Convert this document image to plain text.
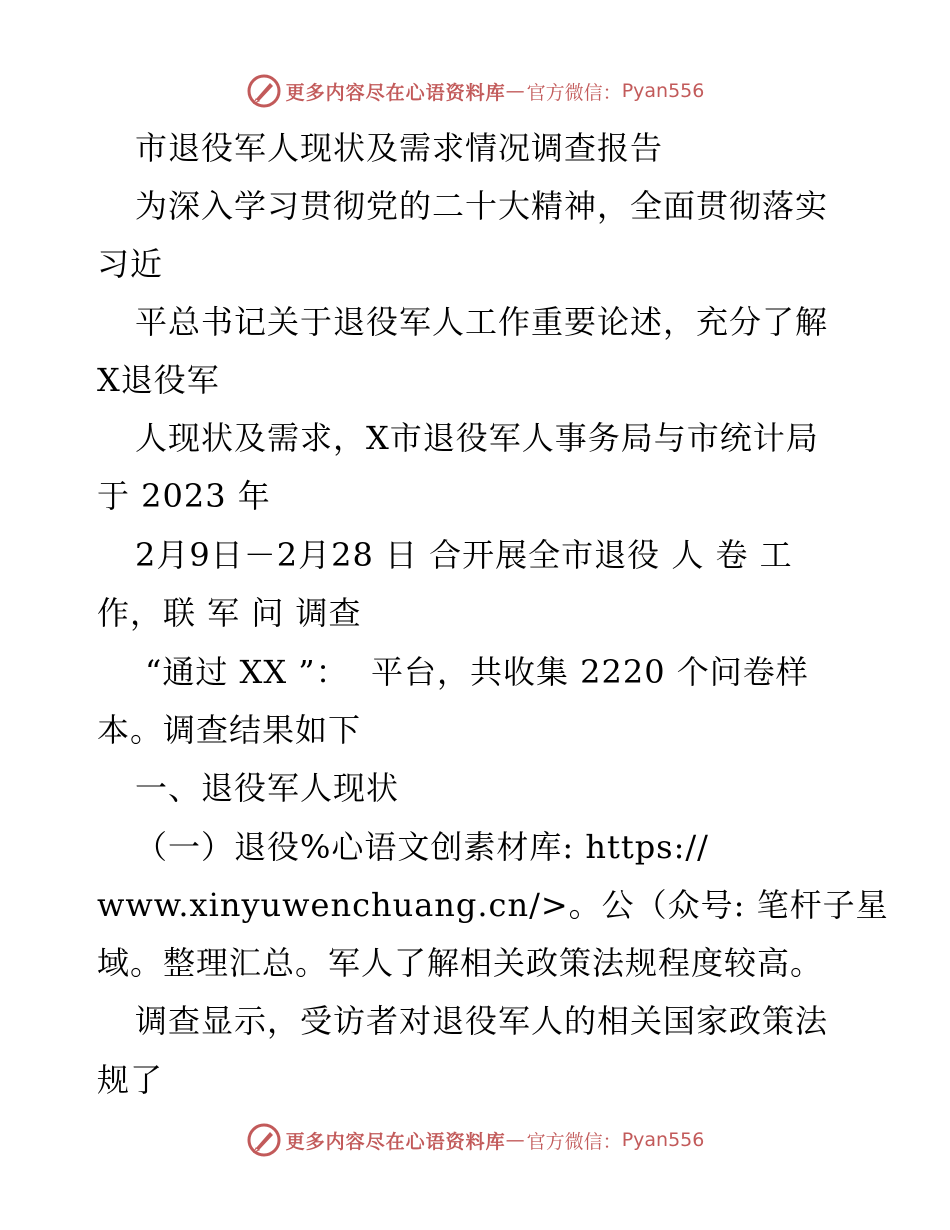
更多内容尽在心语资料库 — 官方微信： Pyan556
市退役军人现状及需求情况调查报告
为深入学习贯彻党的二十大精神，全面贯彻落实
习近
平总书记关于退役军人工作重要论述，充分了解
X退役军
人现状及需求，X市退役军人事务局与市统计局
于 2023 年
2月9日－2月28 日 合开展全市退役 人 卷 工
作，联 军 问 调查
“通过 XX ”：  平台，共收集 2220 个问卷样
本。调查结果如下
一、退役军人现状
（一）退役%心语文创素材库: https://
www.xinyuwenchuang.cn/>。公（众号: 笔杆子星
域。整理汇总。军人了解相关政策法规程度较高。
调查显示，受访者对退役军人的相关国家政策法
规了
更多内容尽在心语资料库 — 官方微信： Pyan556
